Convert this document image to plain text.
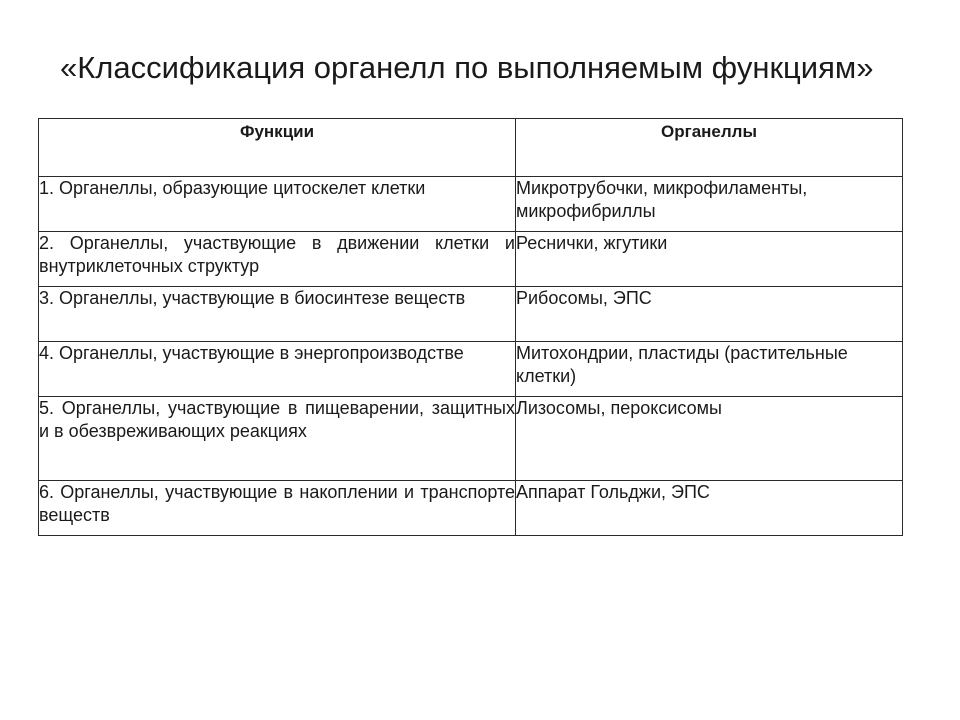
«Классификация органелл по выполняемым функциям»
Функции	Органеллы
1. Органеллы, образующие цитоскелет клетки	Микротрубочки, микрофиламенты, микрофибриллы
2. Органеллы, участвующие в движении клетки и внутриклеточных структур	Реснички, жгутики
3. Органеллы, участвующие в биосинтезе веществ	Рибосомы, ЭПС
4. Органеллы, участвующие в энергопроизводстве	Митохондрии, пластиды (растительные клетки)
5. Органеллы, участвующие в пищеварении, защитных и в обезвреживающих реакциях	Лизосомы, пероксисомы
6. Органеллы, участвующие в накоплении и транспорте веществ	Аппарат Гольджи, ЭПС
